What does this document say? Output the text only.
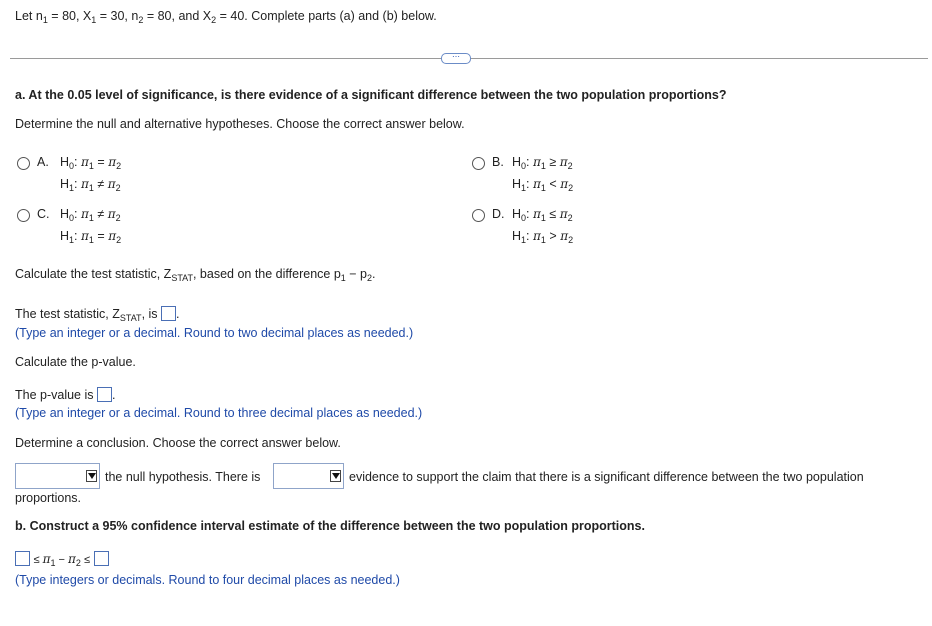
Let $n_1 = 80$, $X_1 = 30$, $n_2 = 80$, and $X_2 = 40$. Complete parts (a) and (b) below.
⋯
a. At the 0.05 level of significance, is there evidence of a significant difference between the two population proportions?
Determine the null and alternative hypotheses. Choose the correct answer below.
A. $H_0$: $\pi_1 = \pi_2$
$H_1$: $\pi_1 \ne \pi_2$
B. $H_0$: $\pi_1 \ge \pi_2$
$H_1$: $\pi_1 < \pi_2$
C. $H_0$: $\pi_1 \ne \pi_2$
$H_1$: $\pi_1 = \pi_2$
D. $H_0$: $\pi_1 \le \pi_2$
$H_1$: $\pi_1 > \pi_2$
Calculate the test statistic, $Z_{STAT}$, based on the difference $p_1 - p_2$.
The test statistic, $Z_{STAT}$, is .
(Type an integer or a decimal. Round to two decimal places as needed.)
Calculate the p-value.
The p-value is .
(Type an integer or a decimal. Round to three decimal places as needed.)
Determine a conclusion. Choose the correct answer below.
the null hypothesis. There is	evidence to support the claim that there is a significant difference between the two population
proportions.
b. Construct a 95% confidence interval estimate of the difference between the two population proportions.
≤ $\pi_1 - \pi_2$ ≤
(Type integers or decimals. Round to four decimal places as needed.)
